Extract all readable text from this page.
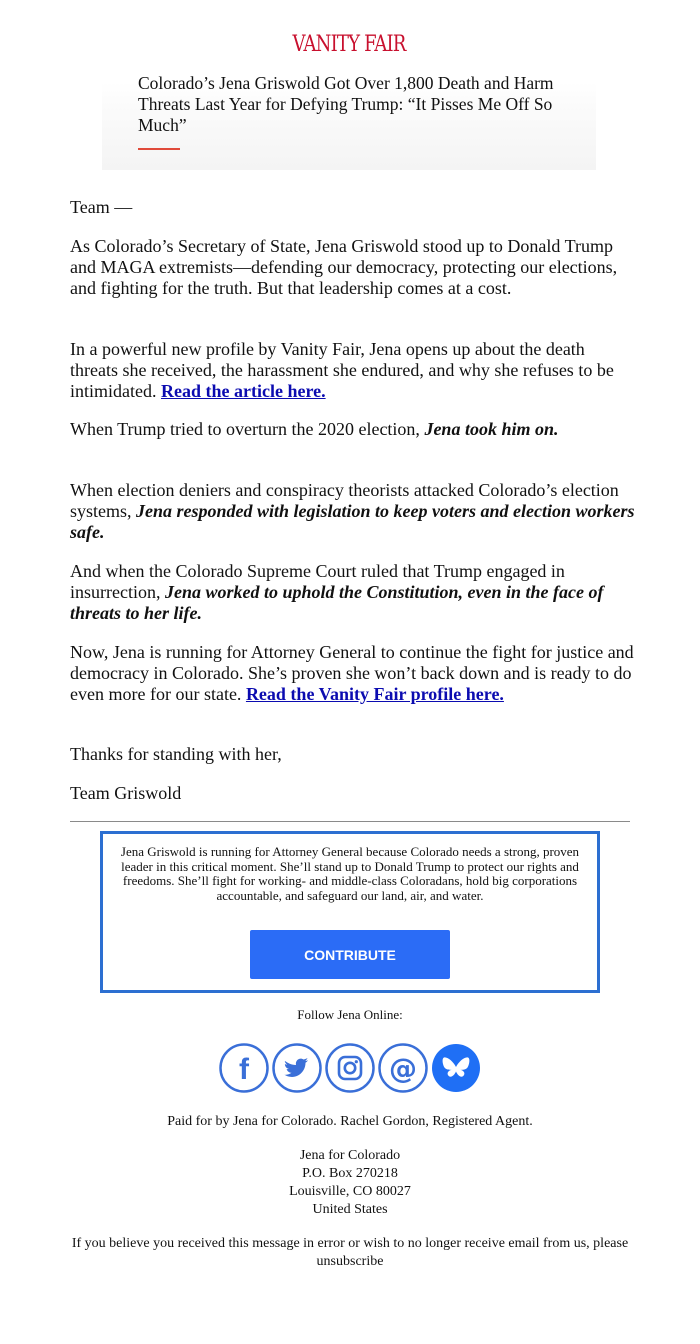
VANITY FAIR
Colorado’s Jena Griswold Got Over 1,800 Death and Harm Threats Last Year for Defying Trump: “It Pisses Me Off So Much”

Team —

As Colorado’s Secretary of State, Jena Griswold stood up to Donald Trump and MAGA extremists—defending our democracy, protecting our elections, and fighting for the truth. But that leadership comes at a cost.

In a powerful new profile by Vanity Fair, Jena opens up about the death threats she received, the harassment she endured, and why she refuses to be intimidated. Read the article here.

When Trump tried to overturn the 2020 election, Jena took him on.

When election deniers and conspiracy theorists attacked Colorado’s election systems, Jena responded with legislation to keep voters and election workers safe.

And when the Colorado Supreme Court ruled that Trump engaged in insurrection, Jena worked to uphold the Constitution, even in the face of threats to her life.

Now, Jena is running for Attorney General to continue the fight for justice and democracy in Colorado. She’s proven she won’t back down and is ready to do even more for our state. Read the Vanity Fair profile here.

Thanks for standing with her,

Team Griswold

Jena Griswold is running for Attorney General because Colorado needs a strong, proven leader in this critical moment. She’ll stand up to Donald Trump to protect our rights and freedoms. She’ll fight for working- and middle-class Coloradans, hold big corporations accountable, and safeguard our land, air, and water.
CONTRIBUTE
Follow Jena Online:
f	@

Paid for by Jena for Colorado. Rachel Gordon, Registered Agent.

Jena for Colorado

P.O. Box 270218

Louisville, CO 80027

United States

If you believe you received this message in error or wish to no longer receive email from us, please unsubscribe
